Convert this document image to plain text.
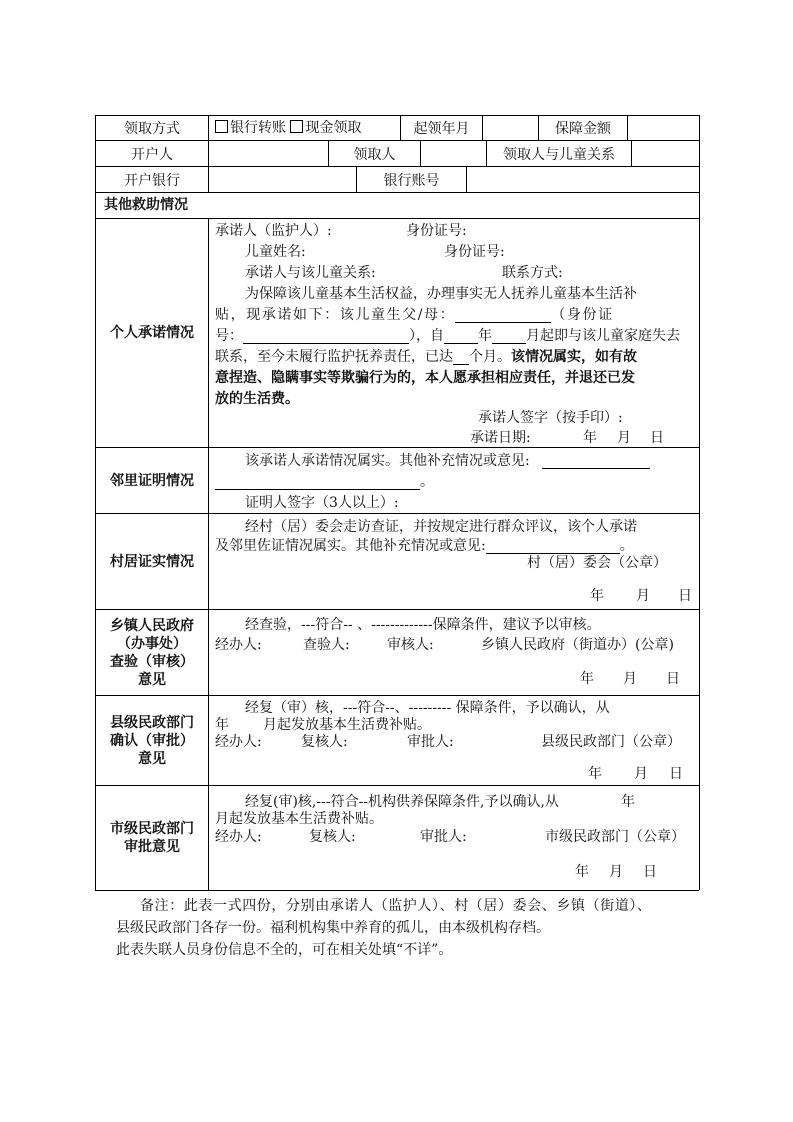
领取方式	银行转账 现金领取	起领年月	保障金额
开户人	领取人	领取人与儿童关系
开户银行	银行账号
其他救助情况
个人承诺情况
承诺人（监护人）:	身份证号:
儿童姓名:	身份证号:
承诺人与该儿童关系:	联系方式:
为保障该儿童基本生活权益，办理事实无人抚养儿童基本生活补
贴，现承诺如下：该儿童生父/母：	（身份证
号：	），自 年 月起即与该儿童家庭失去
联系，至今未履行监护抚养责任，已达 个月。该情况属实，如有故
意捏造、隐瞒事实等欺骗行为的，本人愿承担相应责任，并退还已发
放的生活费。
承诺人签字（按手印）:
承诺日期:	年 月 日
邻里证明情况
该承诺人承诺情况属实。其他补充情况或意见:
。
证明人签字（3人以上）:
村居证实情况
经村（居）委会走访查证，并按规定进行群众评议，该个人承诺
及邻里佐证情况属实。其他补充情况或意见:	。
村（居）委会（公章）
年 月 日
乡镇人民政府
（办事处）
查验（审核）
意见
经查验，---符合-- 、-------------保障条件，建议予以审核。
经办人:	查验人:	审核人:	乡镇人民政府（街道办）(公章)
年 月 日
县级民政部门
确认（审批）
意见
经复（审）核，---符合--、--------- 保障条件，予以确认，从
年 月起发放基本生活费补贴。
经办人:	复核人:	审批人:	县级民政部门（公章）
年 月 日
市级民政部门
审批意见
经复(审)核,---符合--机构供养保障条件,予以确认,从	年
月起发放基本生活费补贴。
经办人:	复核人:	审批人:	市级民政部门（公章）
年 月 日
备注：此表一式四份，分别由承诺人（监护人）、村（居）委会、乡镇（街道）、
县级民政部门各存一份。福利机构集中养育的孤儿，由本级机构存档。
此表失联人员身份信息不全的，可在相关处填“不详”。
